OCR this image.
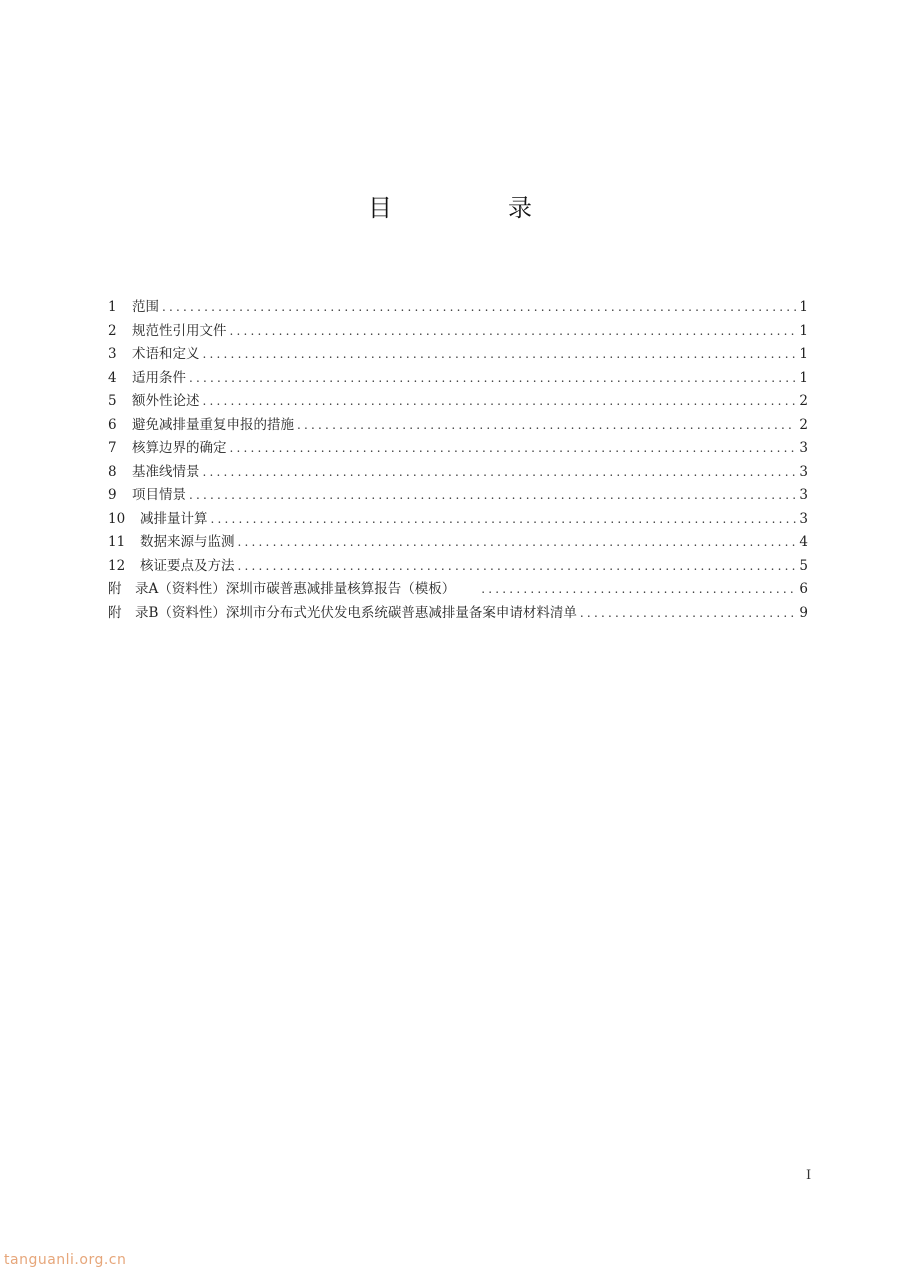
目　录
1	范围 .....	1
2	规范性引用文件 .....	1
3	术语和定义 .....	1
4	适用条件 .....	1
5	额外性论述 .....	2
6	避免减排量重复申报的措施 .....	2
7	核算边界的确定 .....	3
8	基准线情景 .....	3
9	项目情景 .....	3
10	减排量计算 .....	3
11	数据来源与监测 .....	4
12	核证要点及方法 .....	5
附　录 A（资料性）深圳市碳普惠减排量核算报告（模板） .....	6
附　录 B（资料性）深圳市分布式光伏发电系统碳普惠减排量备案申请材料清单 .....	9
I
tanguanli.org.cn
